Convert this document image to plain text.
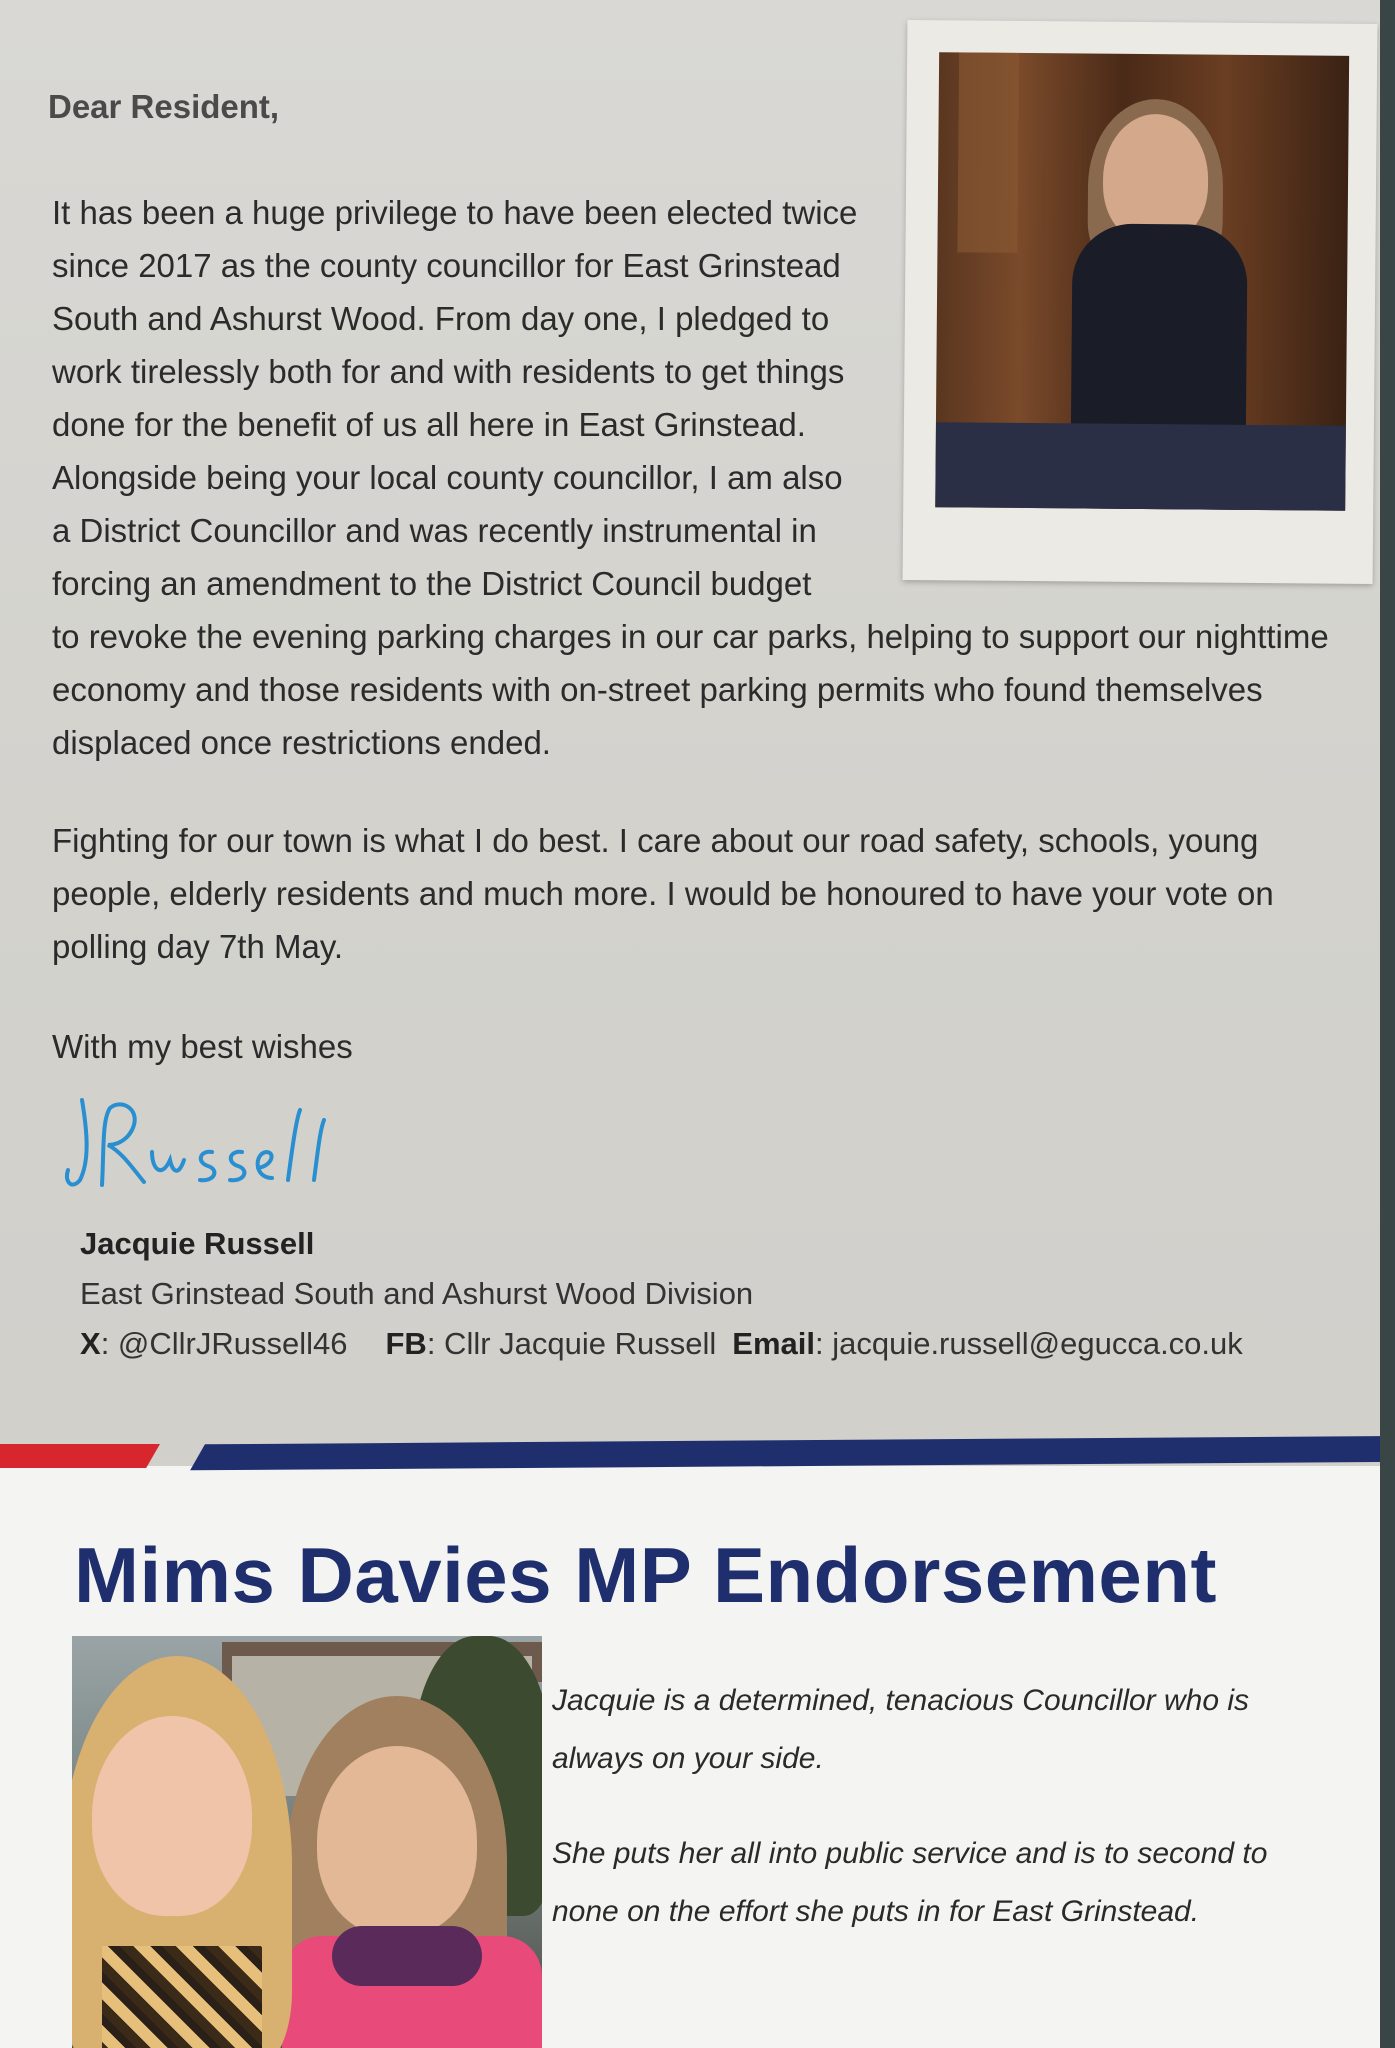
Dear Resident,

It has been a huge privilege to have been elected twice
since 2017 as the county councillor for East Grinstead
South and Ashurst Wood. From day one, I pledged to
work tirelessly both for and with residents to get things
done for the benefit of us all here in East Grinstead.
Alongside being your local county councillor, I am also
a District Councillor and was recently instrumental in
forcing an amendment to the District Council budget
to revoke the evening parking charges in our car parks, helping to support our nighttime economy and those residents with on-street parking permits who found themselves displaced once restrictions ended.

Fighting for our town is what I do best. I care about our road safety, schools, young people, elderly residents and much more. I would be honoured to have your vote on polling day 7th May.

With my best wishes

Jacquie Russell

East Grinstead South and Ashurst Wood Division

X: @CllrJRussell46 FB: Cllr Jacquie Russell Email: jacquie.russell@egucca.co.uk

Mims Davies MP Endorsement

Jacquie is a determined, tenacious Councillor who is always on your side.

She puts her all into public service and is to second to none on the effort she puts in for East Grinstead.
